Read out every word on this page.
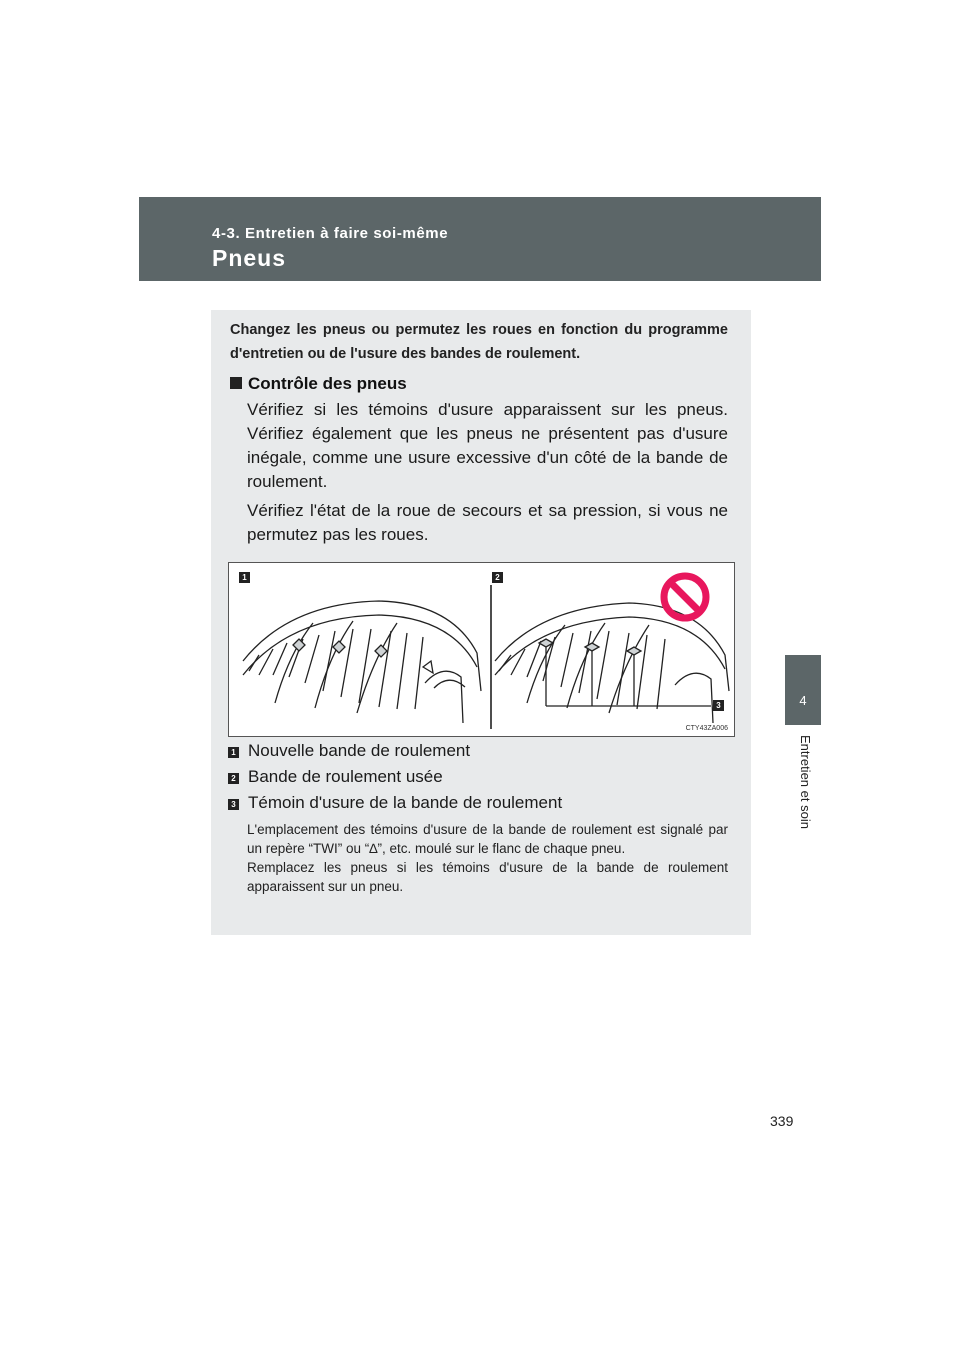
4-3. Entretien à faire soi-même
Pneus
4
Entretien et soin
Changez les pneus ou permutez les roues en fonction du programme d'entretien ou de l'usure des bandes de roulement.
Contrôle des pneus
Vérifiez si les témoins d'usure apparaissent sur les pneus. Vérifiez également que les pneus ne présentent pas d'usure inégale, comme une usure excessive d'un côté de la bande de roulement.
Vérifiez l'état de la roue de secours et sa pression, si vous ne permutez pas les roues.
1	2
3
CTY43ZA006
1 Nouvelle bande de roulement
2 Bande de roulement usée
3 Témoin d'usure de la bande de roulement

L'emplacement des témoins d'usure de la bande de roulement est signalé par un repère “TWI” ou “∆”, etc. moulé sur le flanc de chaque pneu.

Remplacez les pneus si les témoins d'usure de la bande de roulement apparaissent sur un pneu.

339
